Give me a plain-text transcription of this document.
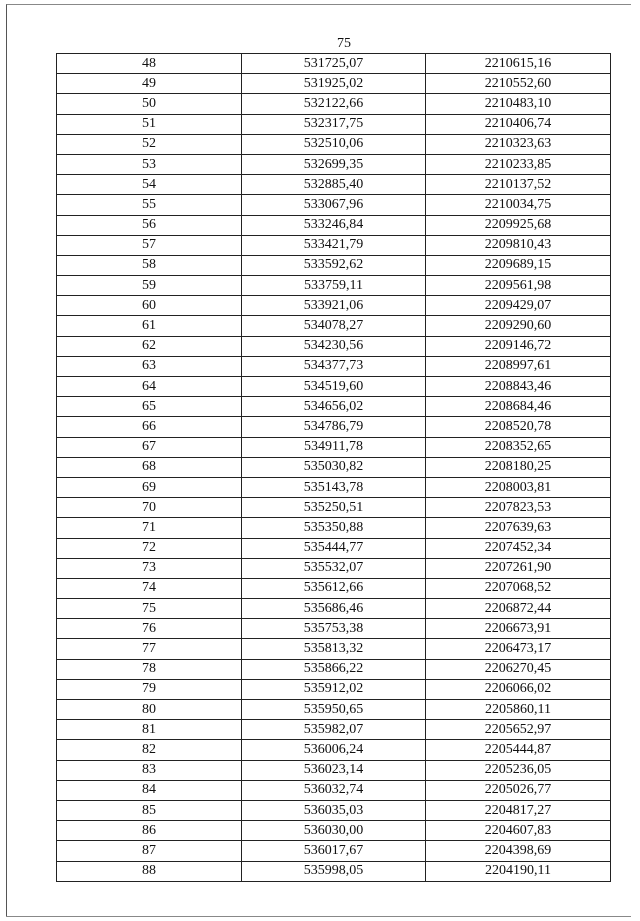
75
48	531725,07	2210615,16
49	531925,02	2210552,60
50	532122,66	2210483,10
51	532317,75	2210406,74
52	532510,06	2210323,63
53	532699,35	2210233,85
54	532885,40	2210137,52
55	533067,96	2210034,75
56	533246,84	2209925,68
57	533421,79	2209810,43
58	533592,62	2209689,15
59	533759,11	2209561,98
60	533921,06	2209429,07
61	534078,27	2209290,60
62	534230,56	2209146,72
63	534377,73	2208997,61
64	534519,60	2208843,46
65	534656,02	2208684,46
66	534786,79	2208520,78
67	534911,78	2208352,65
68	535030,82	2208180,25
69	535143,78	2208003,81
70	535250,51	2207823,53
71	535350,88	2207639,63
72	535444,77	2207452,34
73	535532,07	2207261,90
74	535612,66	2207068,52
75	535686,46	2206872,44
76	535753,38	2206673,91
77	535813,32	2206473,17
78	535866,22	2206270,45
79	535912,02	2206066,02
80	535950,65	2205860,11
81	535982,07	2205652,97
82	536006,24	2205444,87
83	536023,14	2205236,05
84	536032,74	2205026,77
85	536035,03	2204817,27
86	536030,00	2204607,83
87	536017,67	2204398,69
88	535998,05	2204190,11
